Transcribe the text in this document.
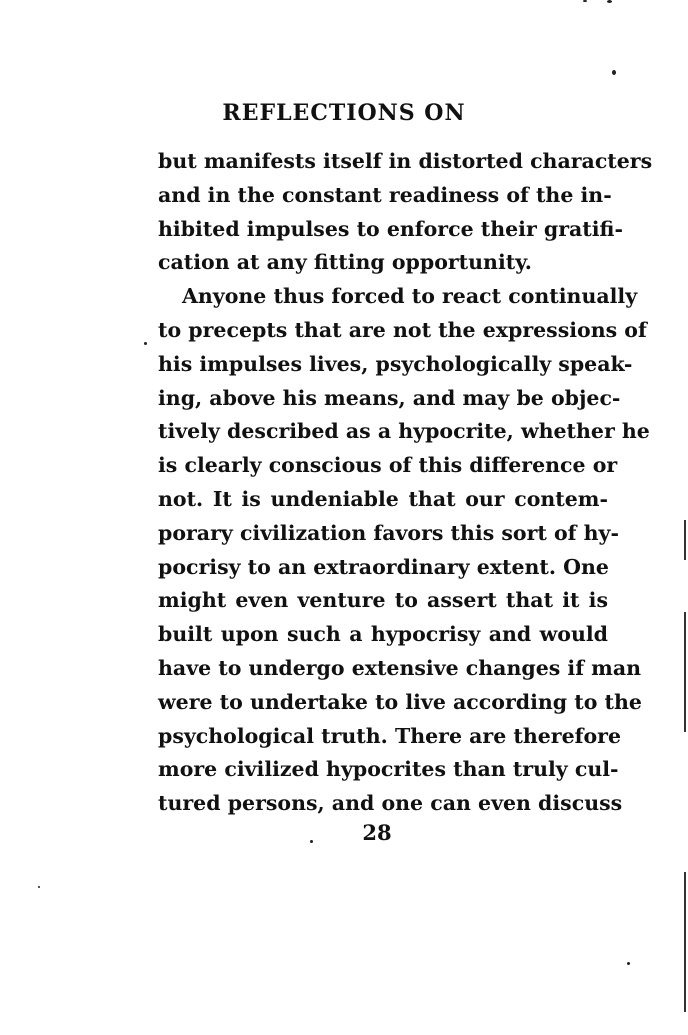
REFLECTIONS ON
but manifests itself in distorted characters
and in the constant readiness of the in-
hibited impulses to enforce their gratifi-
cation at any fitting opportunity.
Anyone thus forced to react continually
to precepts that are not the expressions of
his impulses lives, psychologically speak-
ing, above his means, and may be objec-
tively described as a hypocrite, whether he
is clearly conscious of this difference or
not. It is undeniable that our contem-
porary civilization favors this sort of hy-
pocrisy to an extraordinary extent. One
might even venture to assert that it is
built upon such a hypocrisy and would
have to undergo extensive changes if man
were to undertake to live according to the
psychological truth. There are therefore
more civilized hypocrites than truly cul-
tured persons, and one can even discuss
28
